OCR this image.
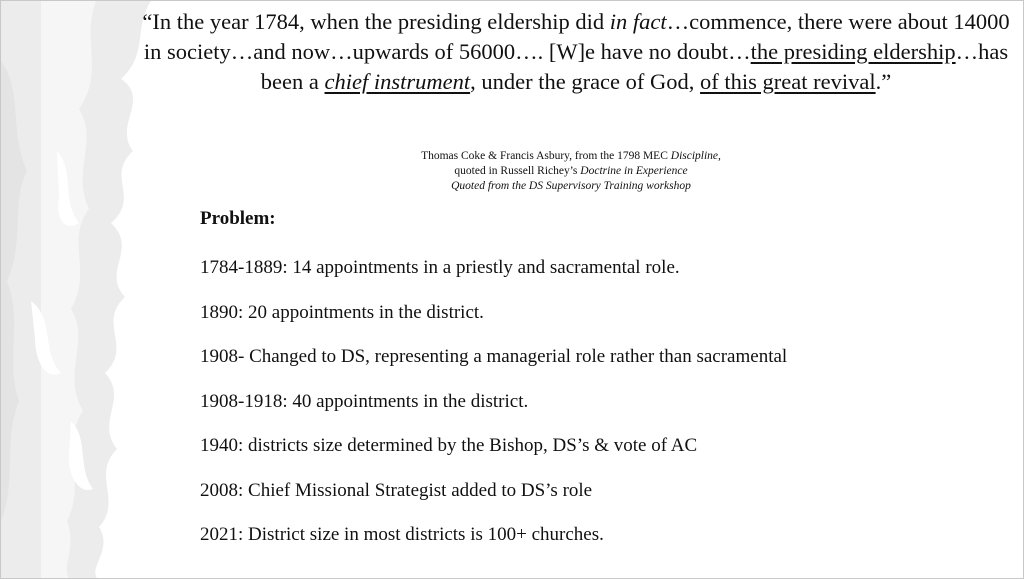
“In the year 1784, when the presiding eldership did in fact…commence, there were about 14000 in society…and now…upwards of 56000…. [W]e have no doubt…the presiding eldership…has been a chief instrument, under the grace of God, of this great revival.”
Thomas Coke & Francis Asbury, from the 1798 MEC Discipline,
quoted in Russell Richey’s Doctrine in Experience
Quoted from the DS Supervisory Training workshop

Problem:

1784-1889: 14 appointments in a priestly and sacramental role.
1890: 20 appointments in the district.
1908- Changed to DS, representing a managerial role rather than sacramental
1908-1918: 40 appointments in the district.
1940: districts size determined by the Bishop, DS’s & vote of AC
2008: Chief Missional Strategist added to DS’s role
2021: District size in most districts is 100+ churches.
